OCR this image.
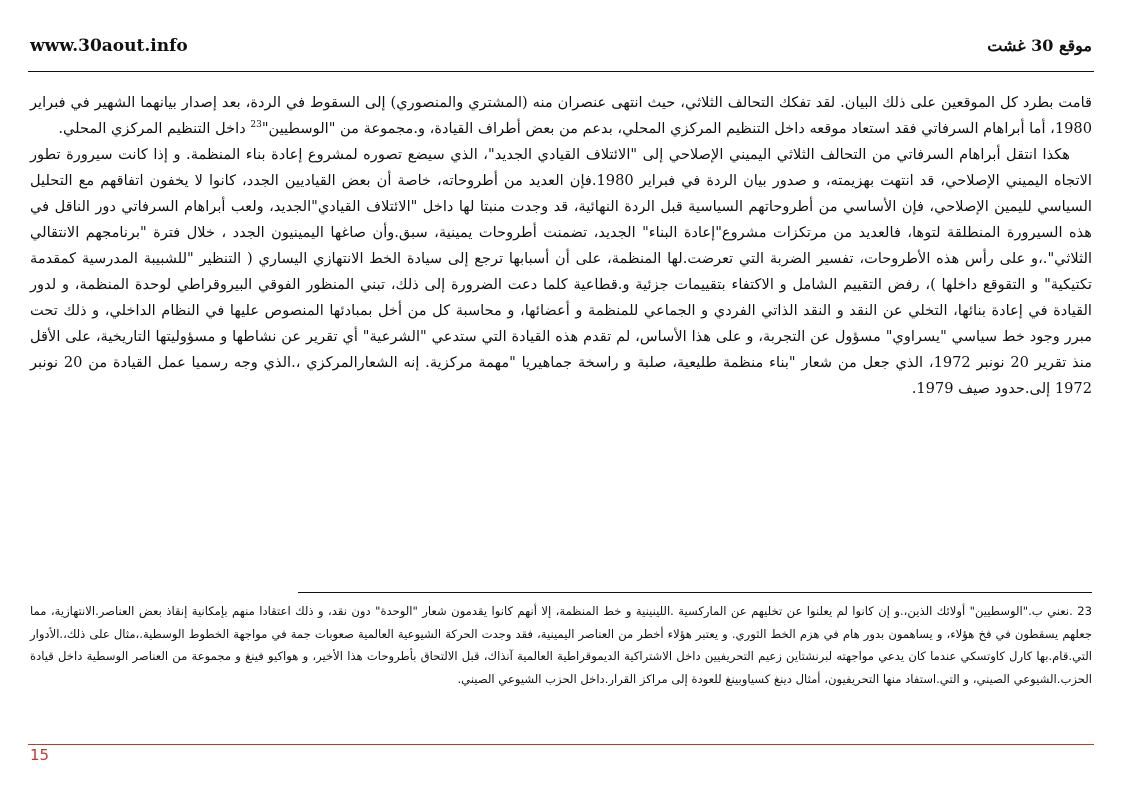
www.30aout.info	موقع 30 غشت

قامت بطرد كل الموقعين على ذلك البيان. لقد تفكك التحالف الثلاثي، حيث انتهى عنصران منه (المشتري والمنصوري) إلى السقوط في الردة، بعد إصدار بيانهما الشهير في فبراير 1980، أما أبراهام السرفاتي فقد استعاد موقعه داخل التنظيم المركزي المحلي، بدعم من بعض أطراف القيادة، و.مجموعة من "الوسطيين"$^{23}$ داخل التنظيم المركزي المحلي.

هكذا انتقل أبراهام السرفاتي من التحالف الثلاثي اليميني الإصلاحي إلى "الائتلاف القيادي الجديد"، الذي سيضع تصوره لمشروع إعادة بناء المنظمة. و إذا كانت سيرورة تطور الاتجاه اليميني الإصلاحي، قد انتهت بهزيمته، و صدور بيان الردة في فبراير 1980.فإن العديد من أطروحاته، خاصة أن بعض القياديين الجدد، كانوا لا يخفون اتفاقهم مع التحليل السياسي لليمين الإصلاحي، فإن الأساسي من أطروحاتهم السياسية قبل الردة النهائية، قد وجدت منبتا لها داخل "الائتلاف القيادي"الجديد، ولعب أبراهام السرفاتي دور الناقل في هذه السيرورة المنطلقة لتوها، فالعديد من مرتكزات مشروع"إعادة البناء" الجديد، تضمنت أطروحات يمينية، سبق.وأن صاغها اليمينيون الجدد ، خلال فترة "برنامجهم الانتقالي الثلاثي".،و على رأس هذه الأطروحات، تفسير الضربة التي تعرضت.لها المنظمة، على أن أسبابها ترجع إلى سيادة الخط الانتهازي اليساري ( التنظير "للشبيبة المدرسية كمقدمة تكتيكية" و التقوقع داخلها )، رفض التقييم الشامل و الاكتفاء بتقييمات جزئية و.قطاعية كلما دعت الضرورة إلى ذلك، تبني المنظور الفوقي البيروقراطي لوحدة المنظمة، و لدور القيادة في إعادة بنائها، التخلي عن النقد و النقد الذاتي الفردي و الجماعي للمنظمة و أعضائها، و محاسبة كل من أخل بمبادئها المنصوص عليها في النظام الداخلي، و ذلك تحت مبرر وجود خط سياسي "يسراوي" مسؤول عن التجربة، و على هذا الأساس، لم تقدم هذه القيادة التي ستدعي "الشرعية" أي تقرير عن نشاطها و مسؤوليتها التاريخية، على الأقل منذ تقرير 20 نونبر 1972، الذي جعل من شعار "بناء منظمة طليعية، صلبة و راسخة جماهيريا "مهمة مركزية. إنه الشعارالمركزي ،.الذي وجه رسميا عمل القيادة من 20 نونبر 1972 إلى.حدود صيف 1979.

23 .نعني ب."الوسطيين" أولائك الذين،.و إن كانوا لم يعلنوا عن تخليهم عن الماركسية .اللينينية و خط المنظمة، إلا أنهم كانوا يقدمون شعار "الوحدة" دون نقد، و ذلك اعتقادا منهم بإمكانية إنقاذ بعض العناصر.الانتهازية، مما جعلهم يسقطون في فخ هؤلاء، و يساهمون بدور هام في هزم الخط الثوري. و يعتبر هؤلاء أخطر من العناصر اليمينية، فقد وجدت الحركة الشيوعية العالمية صعوبات جمة في مواجهة الخطوط الوسطية.،مثال على ذلك،.الأدوار التي.قام.بها كارل كاوتسكي عندما كان يدعي مواجهته لبرنشتاين زعيم التحريفيين داخل الاشتراكية الديموقراطية العالمية آنذاك، قبل الالتحاق بأطروحات هذا الأخير، و هواكيو فينغ و مجموعة من العناصر الوسطية داخل قيادة الحزب.الشيوعي الصيني، و التي.استفاد منها التحريفيون، أمثال دينغ كسياوبينغ للعودة إلى مراكز القرار.داخل الحزب الشيوعي الصيني.

15
